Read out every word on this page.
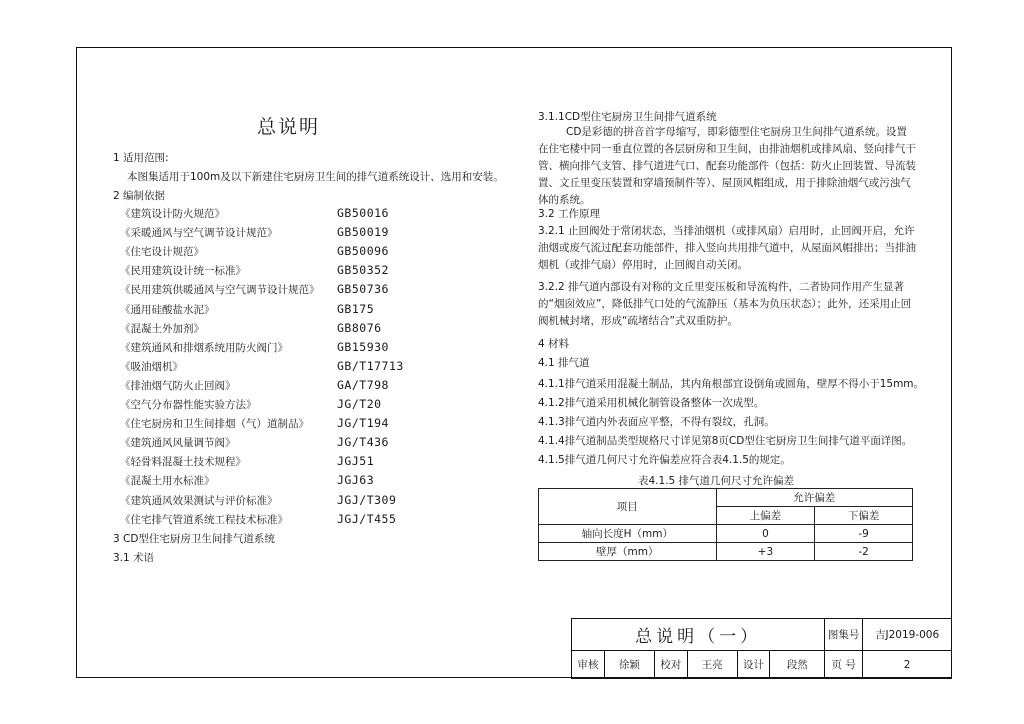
总说明
1 适用范围:
本图集适用于100m及以下新建住宅厨房卫生间的排气道系统设计、选用和安装。
2 编制依据
《建筑设计防火规范》	GB50016
《采暖通风与空气调节设计规范》	GB50019
《住宅设计规范》	GB50096
《民用建筑设计统一标准》	GB50352
《民用建筑供暖通风与空气调节设计规范》 GB50736
《通用硅酸盐水泥》	GB175
《混凝土外加剂》	GB8076
《建筑通风和排烟系统用防火阀门》	GB15930
《吸油烟机》	GB/T17713
《排油烟气防火止回阀》	GA/T798
《空气分布器性能实验方法》	JG/T20
《住宅厨房和卫生间排烟（气）道制品》 JG/T194
《建筑通风风量调节阀》	JG/T436
《轻骨料混凝土技术规程》	JGJ51
《混凝土用水标准》	JGJ63
《建筑通风效果测试与评价标准》	JGJ/T309
《住宅排气管道系统工程技术标准》	JGJ/T455
3 CD型住宅厨房卫生间排气道系统
3.1 术语
3.1.1CD型住宅厨房卫生间排气道系统
CD是彩德的拼音首字母缩写，即彩德型住宅厨房卫生间排气道系统。设置在住宅楼中同一垂直位置的各层厨房和卫生间，由排油烟机或排风扇、竖向排气干管、横向排气支管、排气道进气口、配套功能部件（包括：防火止回装置、导流装置、文丘里变压装置和穿墙预制件等）、屋顶风帽组成，用于排除油烟气或污浊气体的系统。
3.2 工作原理
3.2.1 止回阀处于常闭状态，当排油烟机（或排风扇）启用时，止回阀开启，允许油烟或废气流过配套功能部件，排入竖向共用排气道中，从屋面风帽排出；当排油烟机（或排气扇）停用时，止回阀自动关闭。
3.2.2 排气道内部设有对称的文丘里变压板和导流构件，二者协同作用产生显著的“烟囱效应”，降低排气口处的气流静压（基本为负压状态）；此外，还采用止回阀机械封堵，形成“疏堵结合”式双重防护。
4 材料
4.1 排气道
4.1.1排气道采用混凝土制品，其内角根部宜设倒角或圆角，壁厚不得小于15mm。
4.1.2排气道采用机械化制管设备整体一次成型。
4.1.3排气道内外表面应平整，不得有裂纹，孔洞。
4.1.4排气道制品类型规格尺寸详见第8页CD型住宅厨房卫生间排气道平面详图。
4.1.5排气道几何尺寸允许偏差应符合表4.1.5的规定。
表4.1.5 排气道几何尺寸允许偏差
项目	允许偏差	
	上偏差	下偏差
轴向长度H（mm）	0	-9
壁厚（mm）	+3	-2
总说明（一）						图集号	吉J2019-006
审核	徐颖	校对	王亮	设计	段然	页 号	2
